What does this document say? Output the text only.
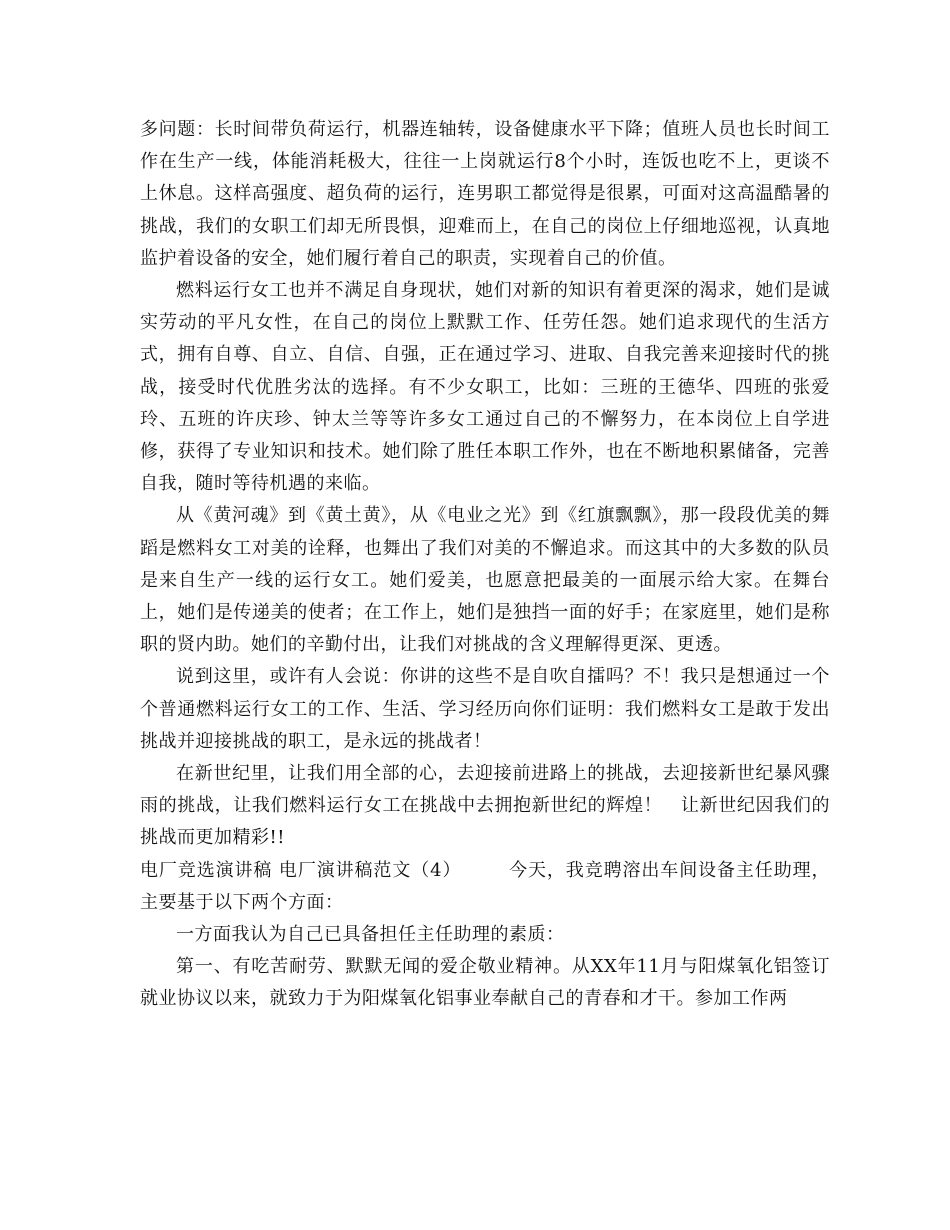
多问题：长时间带负荷运行，机器连轴转，设备健康水平下降；值班人员也长时间工作在生产一线，体能消耗极大，往往一上岗就运行8个小时，连饭也吃不上，更谈不上休息。这样高强度、超负荷的运行，连男职工都觉得是很累，可面对这高温酷暑的挑战，我们的女职工们却无所畏惧，迎难而上，在自己的岗位上仔细地巡视，认真地监护着设备的安全，她们履行着自己的职责，实现着自己的价值。

燃料运行女工也并不满足自身现状，她们对新的知识有着更深的渴求，她们是诚实劳动的平凡女性，在自己的岗位上默默工作、任劳任怨。她们追求现代的生活方式，拥有自尊、自立、自信、自强，正在通过学习、进取、自我完善来迎接时代的挑战，接受时代优胜劣汰的选择。有不少女职工，比如：三班的王德华、四班的张爱玲、五班的许庆珍、钟太兰等等许多女工通过自己的不懈努力，在本岗位上自学进修，获得了专业知识和技术。她们除了胜任本职工作外，也在不断地积累储备，完善自我，随时等待机遇的来临。

从《黄河魂》到《黄土黄》，从《电业之光》到《红旗飘飘》，那一段段优美的舞蹈是燃料女工对美的诠释，也舞出了我们对美的不懈追求。而这其中的大多数的队员是来自生产一线的运行女工。她们爱美，也愿意把最美的一面展示给大家。在舞台上，她们是传递美的使者；在工作上，她们是独挡一面的好手；在家庭里，她们是称职的贤内助。她们的辛勤付出，让我们对挑战的含义理解得更深、更透。

说到这里，或许有人会说：你讲的这些不是自吹自擂吗？不！我只是想通过一个个普通燃料运行女工的工作、生活、学习经历向你们证明：我们燃料女工是敢于发出挑战并迎接挑战的职工，是永远的挑战者！

在新世纪里，让我们用全部的心，去迎接前进路上的挑战，去迎接新世纪暴风骤雨的挑战，让我们燃料运行女工在挑战中去拥抱新世纪的辉煌！　让新世纪因我们的挑战而更加精彩!!

电厂竞选演讲稿 电厂演讲稿范文（4）　　　今天，我竞聘溶出车间设备主任助理，主要基于以下两个方面：

一方面我认为自己已具备担任主任助理的素质：

第一、有吃苦耐劳、默默无闻的爱企敬业精神。从XX年11月与阳煤氧化铝签订就业协议以来，就致力于为阳煤氧化铝事业奉献自己的青春和才干。参加工作两
